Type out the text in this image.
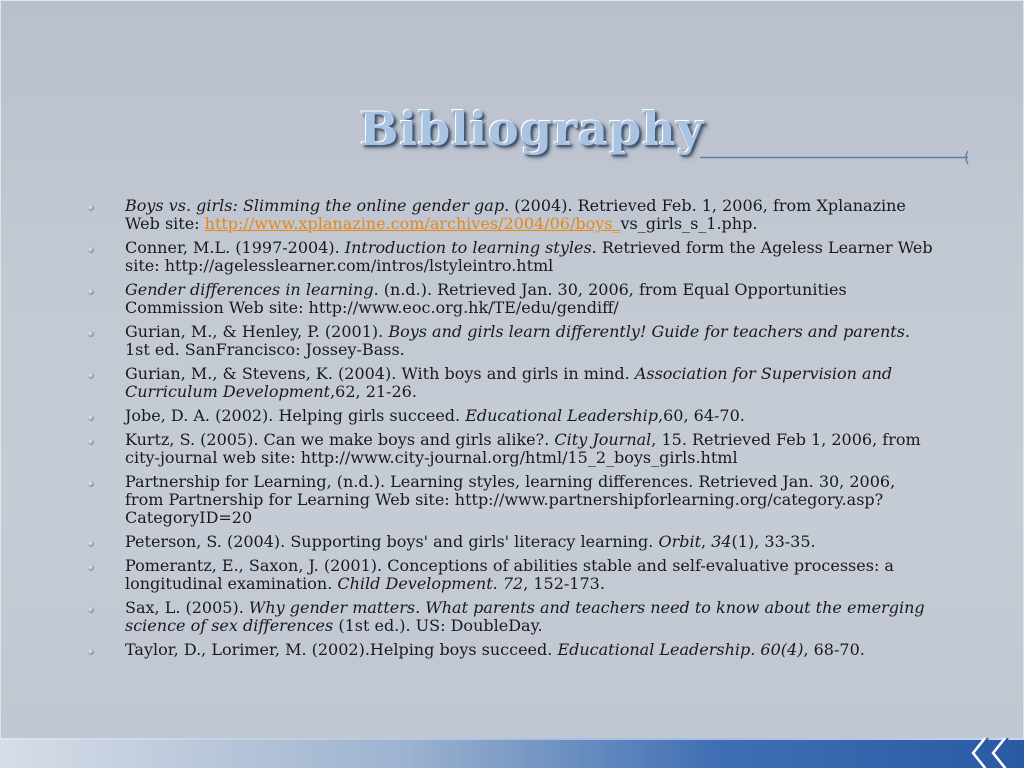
Bibliography
Boys vs. girls: Slimming the online gender gap. (2004). Retrieved Feb. 1, 2006, from Xplanazine Web site: http://www.xplanazine.com/archives/2004/06/boys_vs_girls_s_1.php.
Conner, M.L. (1997-2004). Introduction to learning styles. Retrieved form the Ageless Learner Web site: http://agelesslearner.com/intros/lstyleintro.html
Gender differences in learning. (n.d.). Retrieved Jan. 30, 2006, from Equal Opportunities Commission Web site: http://www.eoc.org.hk/TE/edu/gendiff/
Gurian, M., & Henley, P. (2001). Boys and girls learn differently! Guide for teachers and parents. 1st ed. SanFrancisco: Jossey-Bass.
Gurian, M., & Stevens, K. (2004). With boys and girls in mind. Association for Supervision and Curriculum Development,62, 21-26.
Jobe, D. A. (2002). Helping girls succeed. Educational Leadership,60, 64-70.
Kurtz, S. (2005). Can we make boys and girls alike?. City Journal, 15. Retrieved Feb 1, 2006, from city-journal web site: http://www.city-journal.org/html/15_2_boys_girls.html
Partnership for Learning, (n.d.). Learning styles, learning differences. Retrieved Jan. 30, 2006, from Partnership for Learning Web site: http://www.partnershipforlearning.org/category.asp?CategoryID=20
Peterson, S. (2004). Supporting boys' and girls' literacy learning. Orbit, 34(1), 33-35.
Pomerantz, E., Saxon, J. (2001). Conceptions of abilities stable and self-evaluative processes: a longitudinal examination. Child Development. 72, 152-173.
Sax, L. (2005). Why gender matters. What parents and teachers need to know about the emerging science of sex differences (1st ed.). US: DoubleDay.
Taylor, D., Lorimer, M. (2002).Helping boys succeed. Educational Leadership. 60(4), 68-70.
